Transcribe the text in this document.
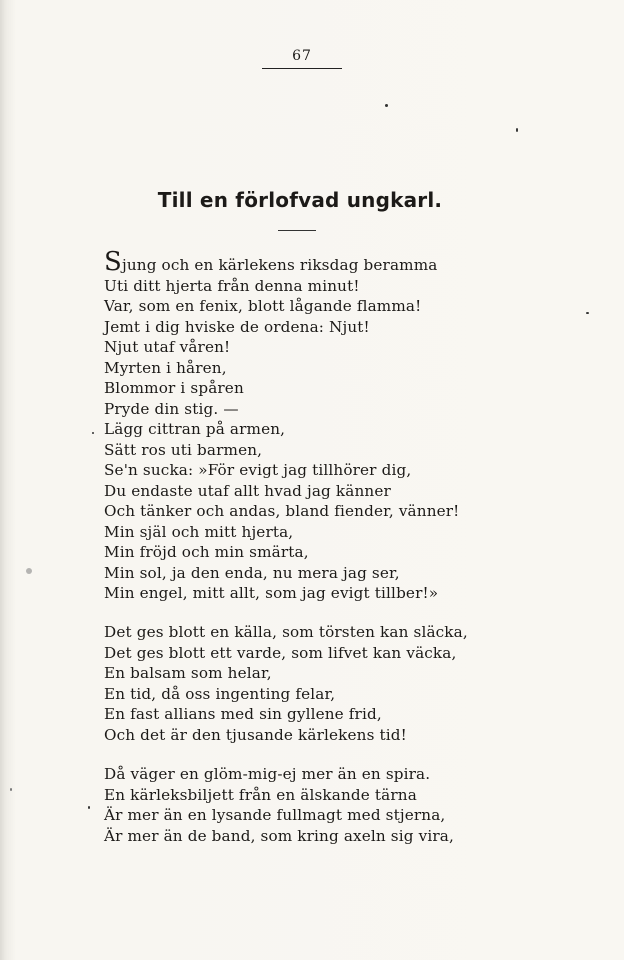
67
Till en förlofvad ungkarl.
Sjung och en kärlekens riksdag beramma
Uti ditt hjerta från denna minut!
Var, som en fenix, blott lågande flamma!
Jemt i dig hviske de ordena: Njut!
Njut utaf våren!
Myrten i håren,
Blommor i spåren
Pryde din stig. —
Lägg cittran på armen,
Sätt ros uti barmen,
Se'n sucka: »För evigt jag tillhörer dig,
Du endaste utaf allt hvad jag känner
Och tänker och andas, bland fiender, vänner!
Min själ och mitt hjerta,
Min fröjd och min smärta,
Min sol, ja den enda, nu mera jag ser,
Min engel, mitt allt, som jag evigt tillber!»
Det ges blott en källa, som törsten kan släcka,
Det ges blott ett varde, som lifvet kan väcka,
En balsam som helar,
En tid, då oss ingenting felar,
En fast allians med sin gyllene frid,
Och det är den tjusande kärlekens tid!
Då väger en glöm-mig-ej mer än en spira.
En kärleksbiljett från en älskande tärna
Är mer än en lysande fullmagt med stjerna,
Är mer än de band, som kring axeln sig vira,
